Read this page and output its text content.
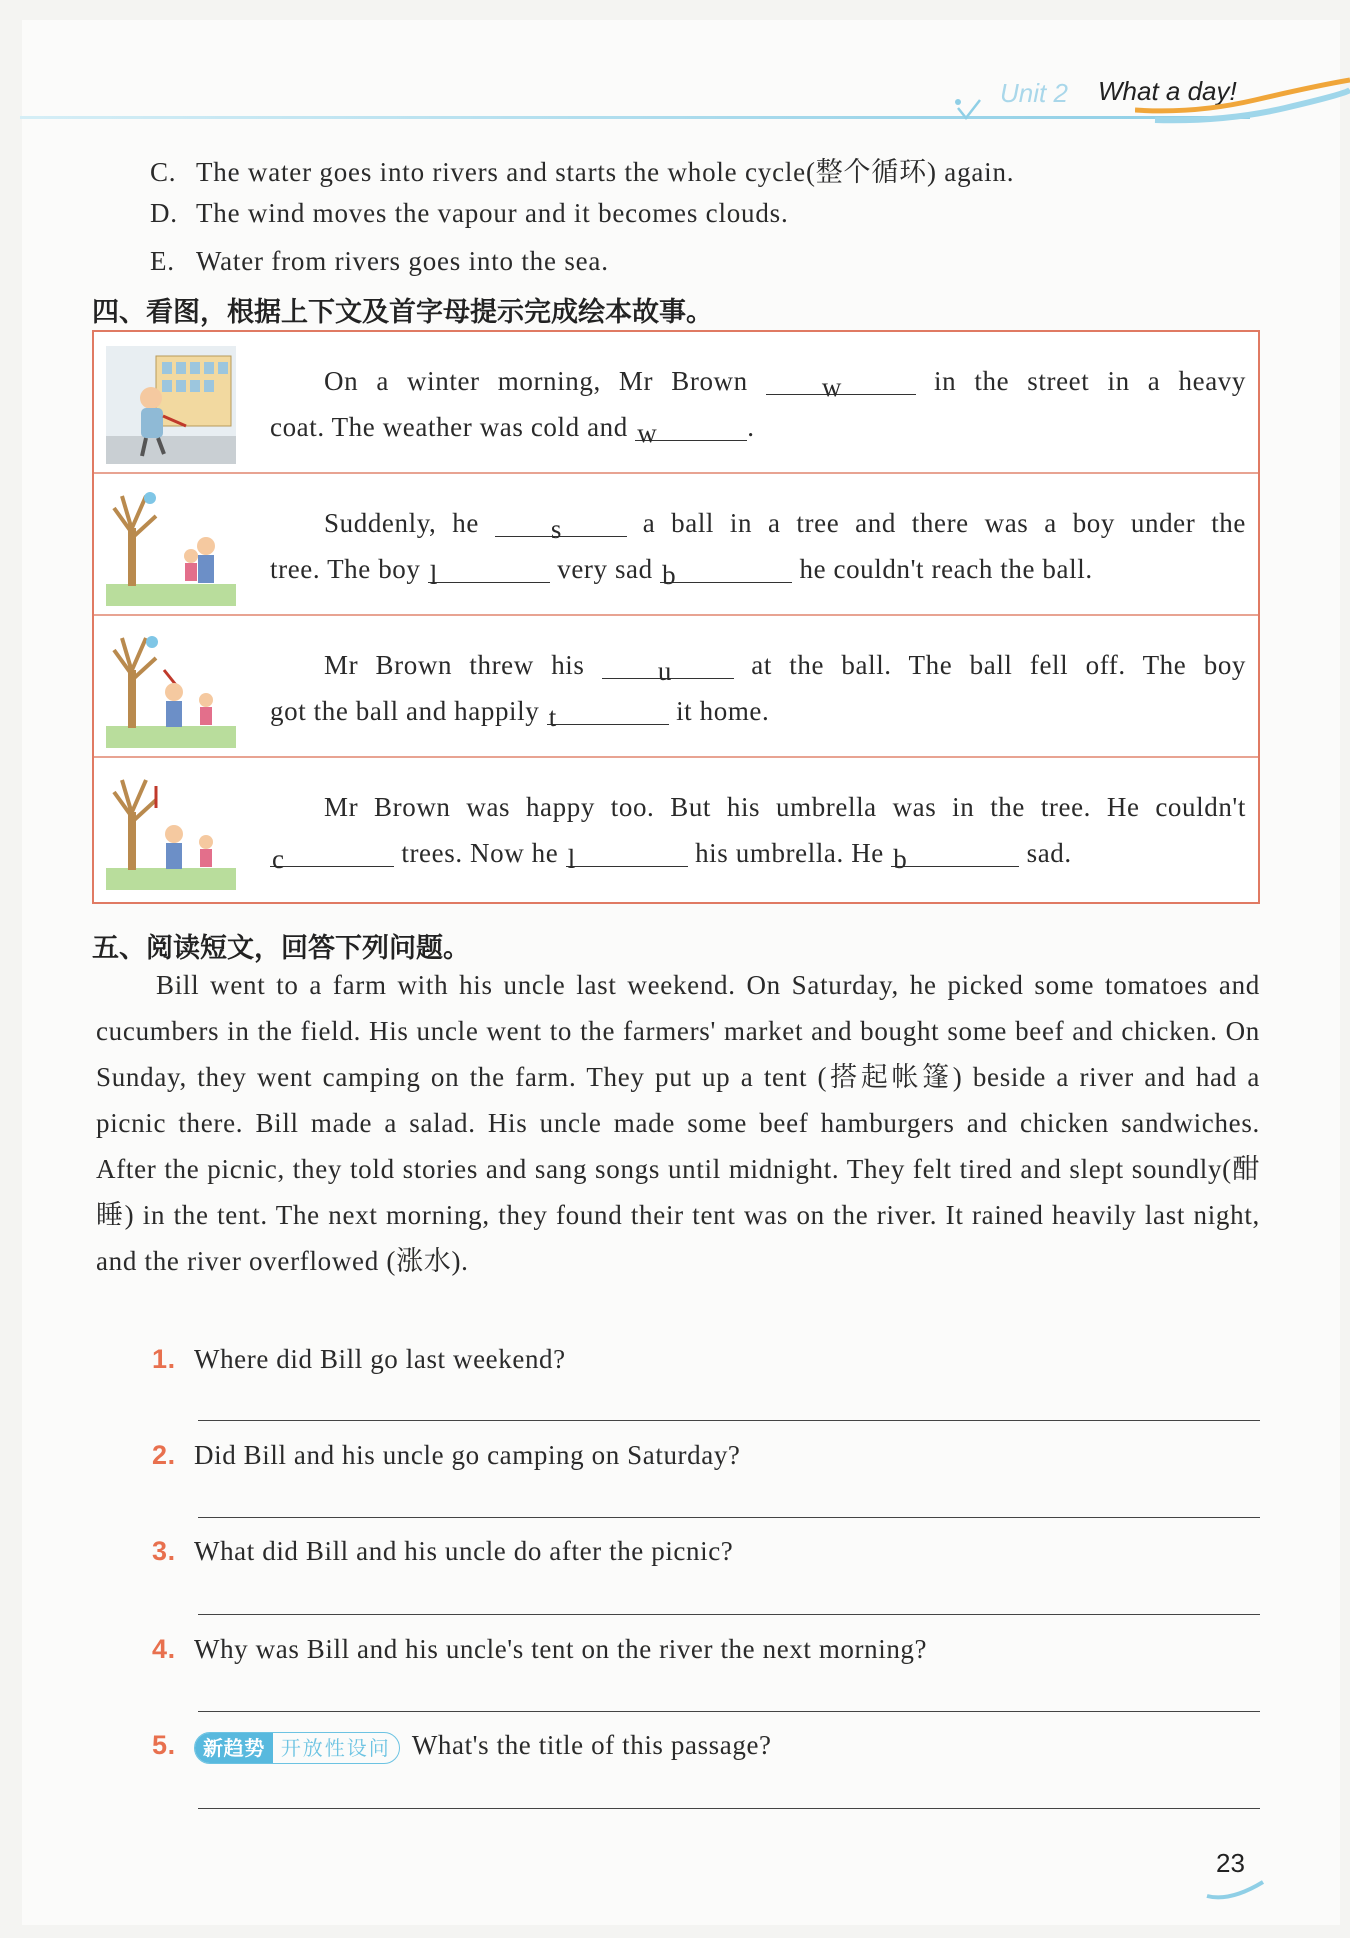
Unit 2 What a day!
C. The water goes into rivers and starts the whole cycle(整个循环) again.
D. The wind moves the vapour and it becomes clouds.
E. Water from rivers goes into the sea.
四、看图，根据上下文及首字母提示完成绘本故事。

On a winter morning, Mr Brown	w	in the street in a heavy

coat. The weather was cold and w	.

Suddenly, he	s	a ball in a tree and there was a boy under the

tree. The boy l	very sad b	he couldn't reach the ball.

Mr Brown threw his	u	at the ball. The ball fell off. The boy

got the ball and happily t	it home.

Mr Brown was happy too. But his umbrella was in the tree. He couldn't

c	trees. Now he l	his umbrella. He b	sad.

五、阅读短文，回答下列问题。

Bill went to a farm with his uncle last weekend. On Saturday, he picked some tomatoes and cucumbers in the field. His uncle went to the farmers' market and bought some beef and chicken. On Sunday, they went camping on the farm. They put up a tent (搭起帐篷) beside a river and had a picnic there. Bill made a salad. His uncle made some beef hamburgers and chicken sandwiches. After the picnic, they told stories and sang songs until midnight. They felt tired and slept soundly(酣睡) in the tent. The next morning, they found their tent was on the river. It rained heavily last night, and the river overflowed (涨水).

1. Where did Bill go last weekend?
2. Did Bill and his uncle go camping on Saturday?
3. What did Bill and his uncle do after the picnic?
4. Why was Bill and his uncle's tent on the river the next morning?
5. 新趋势 开放性设问 What's the title of this passage?
23
